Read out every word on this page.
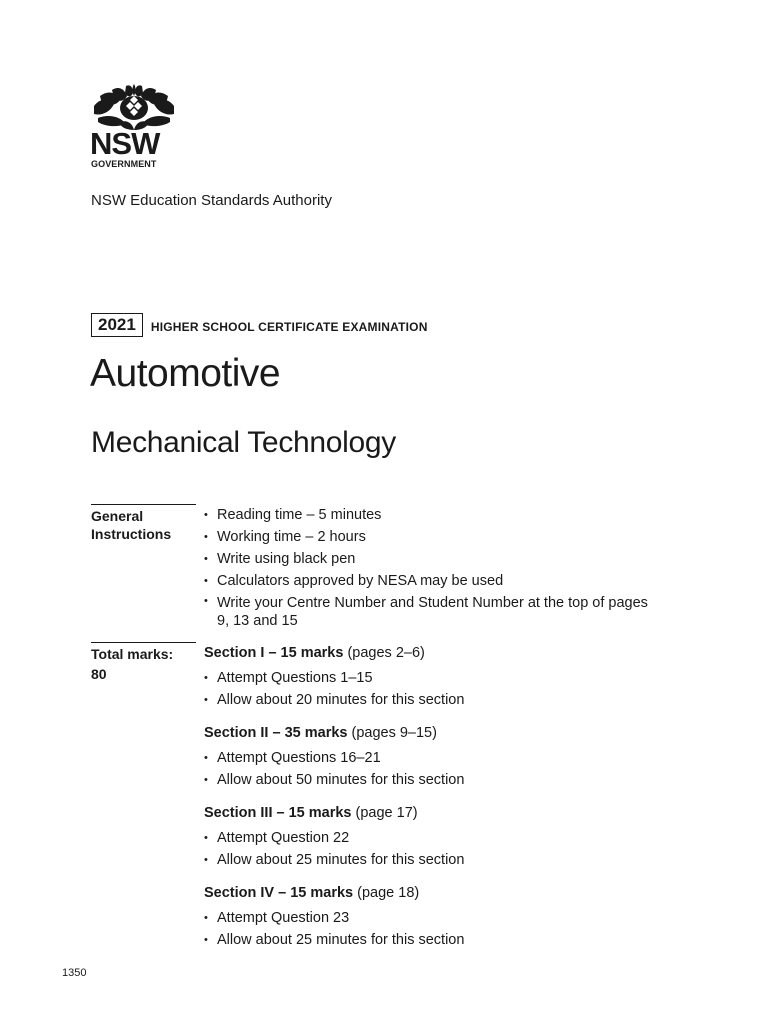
NSW
GOVERNMENT
NSW Education Standards Authority
2021	HIGHER SCHOOL CERTIFICATE EXAMINATION
Automotive
Mechanical Technology
General
Instructions
• Reading time – 5 minutes
• Working time – 2 hours
• Write using black pen
• Calculators approved by NESA may be used
• Write your Centre Number and Student Number at the top of pages 9, 13 and 15
Total marks:
80
Section I – 15 marks (pages 2–6)
• Attempt Questions 1–15
• Allow about 20 minutes for this section
Section II – 35 marks (pages 9–15)
• Attempt Questions 16–21
• Allow about 50 minutes for this section
Section III – 15 marks (page 17)
• Attempt Question 22
• Allow about 25 minutes for this section
Section IV – 15 marks (page 18)
• Attempt Question 23
• Allow about 25 minutes for this section
1350
